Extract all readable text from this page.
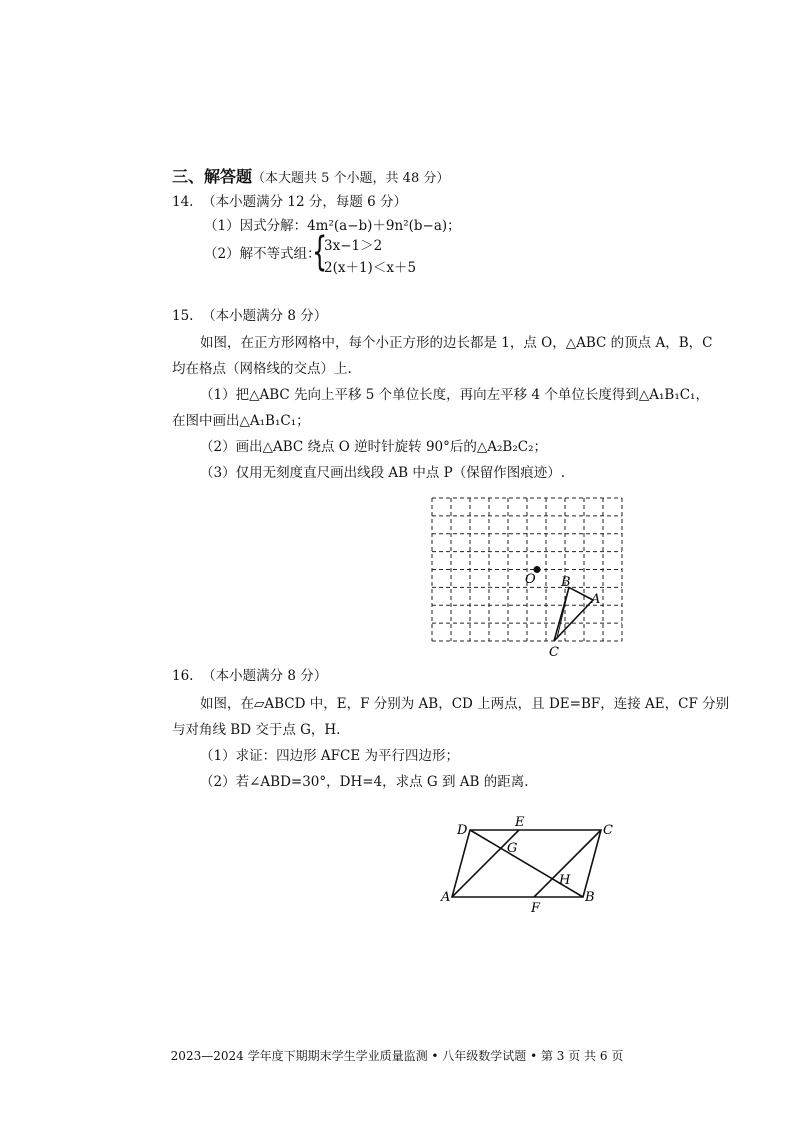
三、解答题（本大题共 5 个小题，共 48 分）
14. （本小题满分 12 分，每题 6 分）
（1）因式分解：4m²(a−b)＋9n²(b−a)；
（2）解不等式组：
{
3x−1＞2
2(x＋1)＜x＋5
15. （本小题满分 8 分）
如图，在正方形网格中，每个小正方形的边长都是 1，点 O，△ABC 的顶点 A，B，C
均在格点（网格线的交点）上.
（1）把△ABC 先向上平移 5 个单位长度，再向左平移 4 个单位长度得到△A₁B₁C₁，
在图中画出△A₁B₁C₁；
（2）画出△ABC 绕点 O 逆时针旋转 90°后的△A₂B₂C₂；
（3）仅用无刻度直尺画出线段 AB 中点 P（保留作图痕迹）.
O B
A
C
16. （本小题满分 8 分）
如图，在▱ABCD 中，E，F 分别为 AB，CD 上两点，且 DE=BF，连接 AE，CF 分别
与对角线 BD 交于点 G，H.
（1）求证：四边形 AFCE 为平行四边形；
（2）若∠ABD=30°，DH=4，求点 G 到 AB 的距离.
D
E
C
G
H
A
F
B
2023—2024 学年度下期期末学生学业质量监测 • 八年级数学试题 • 第 3 页 共 6 页
